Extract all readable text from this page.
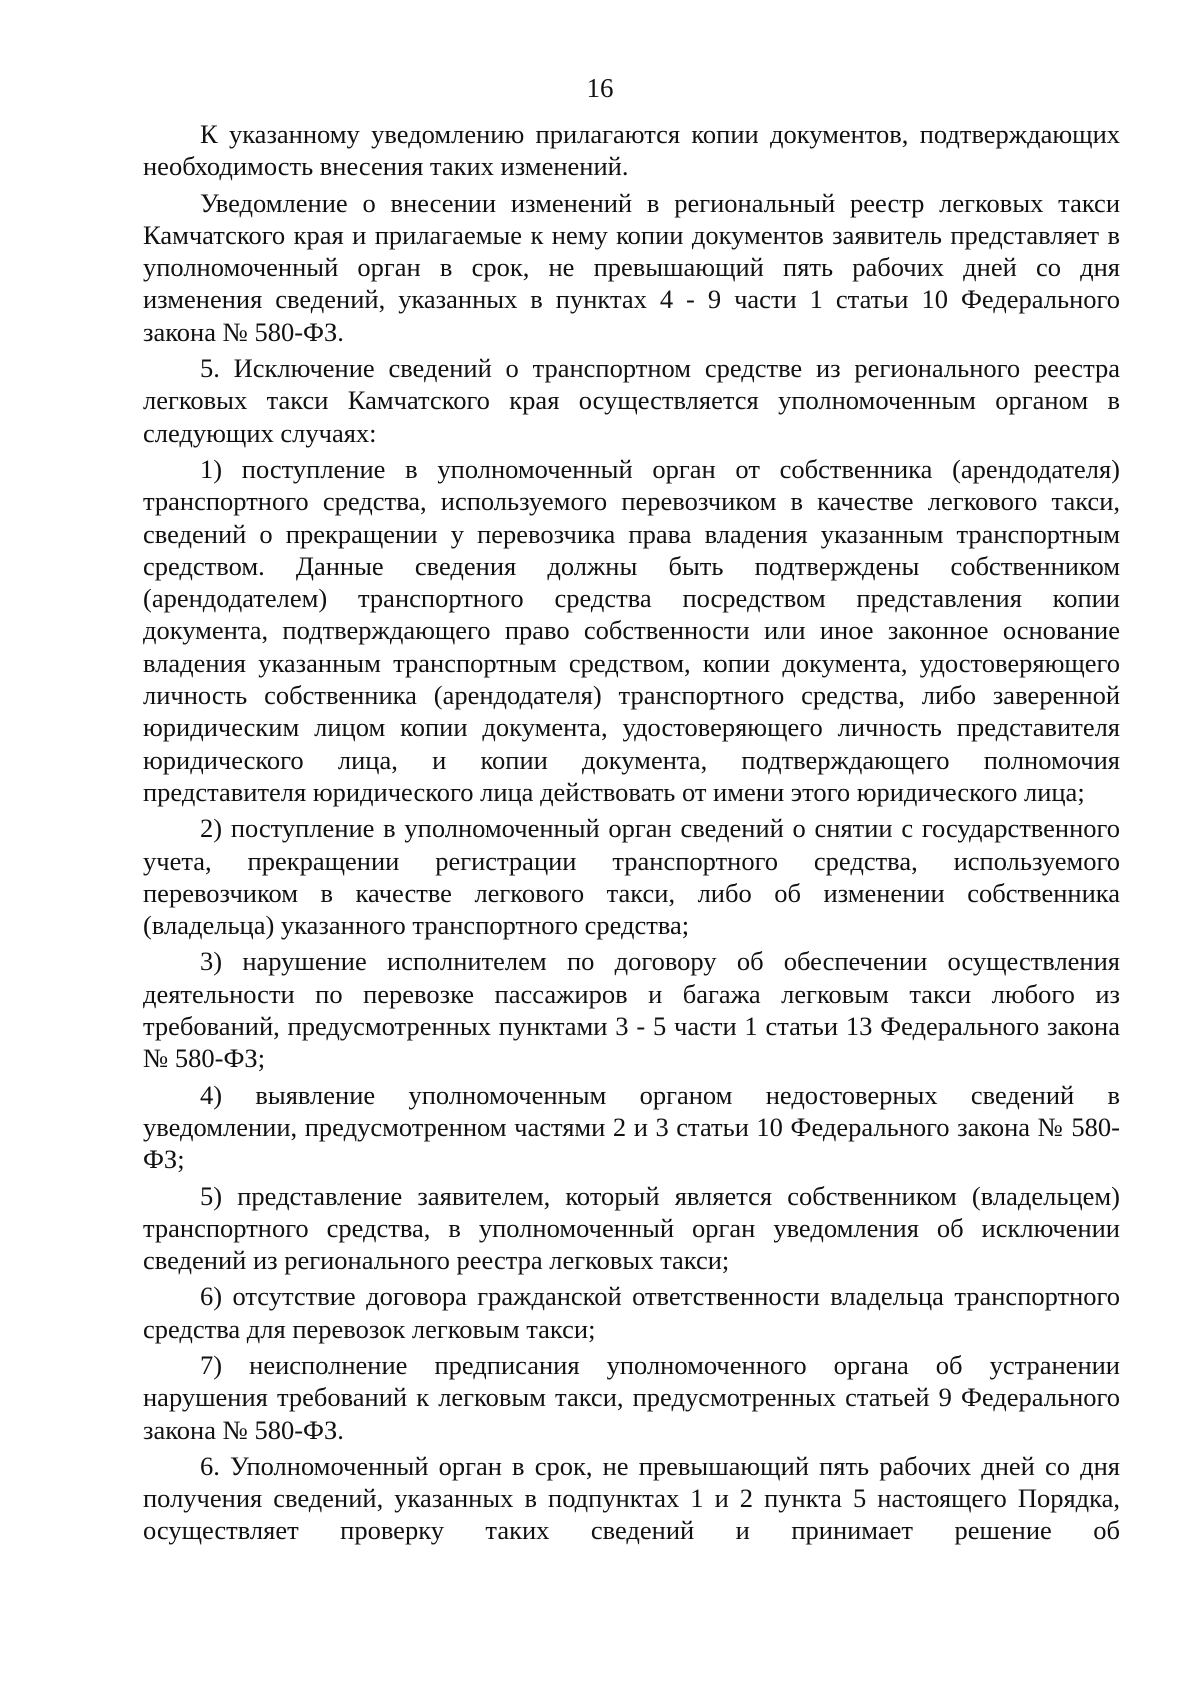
16

К указанному уведомлению прилагаются копии документов, подтверждающих необходимость внесения таких изменений.

Уведомление о внесении изменений в региональный реестр легковых такси Камчатского края и прилагаемые к нему копии документов заявитель представляет в уполномоченный орган в срок, не превышающий пять рабочих дней со дня изменения сведений, указанных в пунктах 4 - 9 части 1 статьи 10 Федерального закона № 580-ФЗ.

5. Исключение сведений о транспортном средстве из регионального реестра легковых такси Камчатского края осуществляется уполномоченным органом в следующих случаях:

1) поступление в уполномоченный орган от собственника (арендодателя) транспортного средства, используемого перевозчиком в качестве легкового такси, сведений о прекращении у перевозчика права владения указанным транспортным средством. Данные сведения должны быть подтверждены собственником (арендодателем) транспортного средства посредством представления копии документа, подтверждающего право собственности или иное законное основание владения указанным транспортным средством, копии документа, удостоверяющего личность собственника (арендодателя) транспортного средства, либо заверенной юридическим лицом копии документа, удостоверяющего личность представителя юридического лица, и копии документа, подтверждающего полномочия представителя юридического лица действовать от имени этого юридического лица;

2) поступление в уполномоченный орган сведений о снятии с государственного учета, прекращении регистрации транспортного средства, используемого перевозчиком в качестве легкового такси, либо об изменении собственника (владельца) указанного транспортного средства;

3) нарушение исполнителем по договору об обеспечении осуществления деятельности по перевозке пассажиров и багажа легковым такси любого из требований, предусмотренных пунктами 3 - 5 части 1 статьи 13 Федерального закона № 580-ФЗ;

4) выявление уполномоченным органом недостоверных сведений в уведомлении, предусмотренном частями 2 и 3 статьи 10 Федерального закона № 580-ФЗ;

5) представление заявителем, который является собственником (владельцем) транспортного средства, в уполномоченный орган уведомления об исключении сведений из регионального реестра легковых такси;

6) отсутствие договора гражданской ответственности владельца транспортного средства для перевозок легковым такси;

7) неисполнение предписания уполномоченного органа об устранении нарушения требований к легковым такси, предусмотренных статьей 9 Федерального закона № 580-ФЗ.

6. Уполномоченный орган в срок, не превышающий пять рабочих дней со дня получения сведений, указанных в подпунктах 1 и 2 пункта 5 настоящего Порядка, осуществляет проверку таких сведений и принимает решение об
